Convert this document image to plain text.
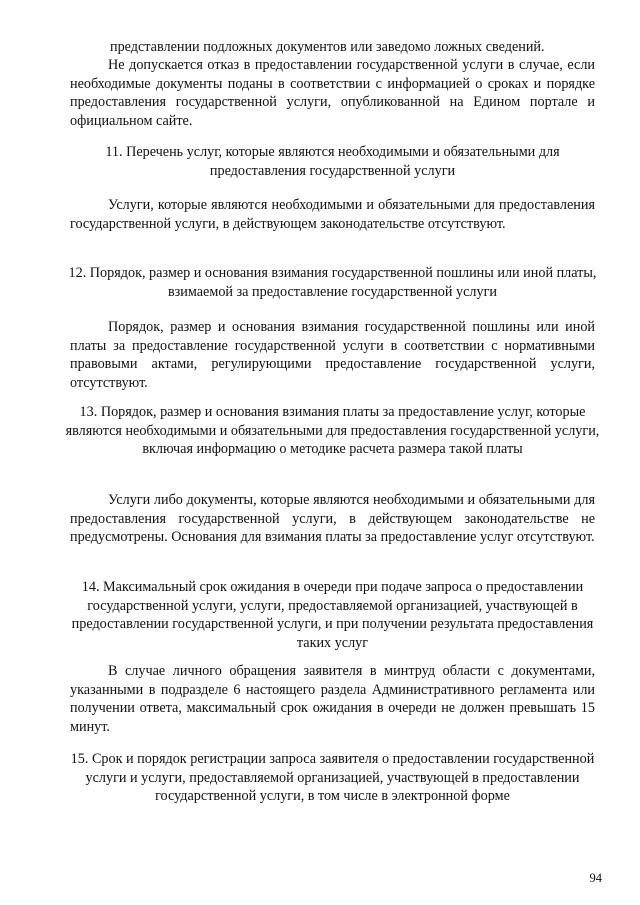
представлении подложных документов или заведомо ложных сведений.

Не допускается отказ в предоставлении государственной услуги в случае, если необходимые документы поданы в соответствии с информацией о сроках и порядке предоставления государственной услуги, опубликованной на Едином портале и официальном сайте.

11. Перечень услуг, которые являются необходимыми и обязательными для предоставления государственной услуги

Услуги, которые являются необходимыми и обязательными для предоставления государственной услуги, в действующем законодательстве отсутствуют.

12. Порядок, размер и основания взимания государственной пошлины или иной платы, взимаемой за предоставление государственной услуги

Порядок, размер и основания взимания государственной пошлины или иной платы за предоставление государственной услуги в соответствии с нормативными правовыми актами, регулирующими предоставление государственной услуги, отсутствуют.

13. Порядок, размер и основания взимания платы за предоставление услуг, которые являются необходимыми и обязательными для предоставления государственной услуги, включая информацию о методике расчета размера такой платы

Услуги либо документы, которые являются необходимыми и обязательными для предоставления государственной услуги, в действующем законодательстве не предусмотрены. Основания для взимания платы за предоставление услуг отсутствуют.

14. Максимальный срок ожидания в очереди при подаче запроса о предоставлении государственной услуги, услуги, предоставляемой организацией, участвующей в предоставлении государственной услуги, и при получении результата предоставления таких услуг

В случае личного обращения заявителя в минтруд области с документами, указанными в подразделе 6 настоящего раздела Административного регламента или получении ответа, максимальный срок ожидания в очереди не должен превышать 15 минут.

15. Срок и порядок регистрации запроса заявителя о предоставлении государственной услуги и услуги, предоставляемой организацией, участвующей в предоставлении государственной услуги, в том числе в электронной форме

94
